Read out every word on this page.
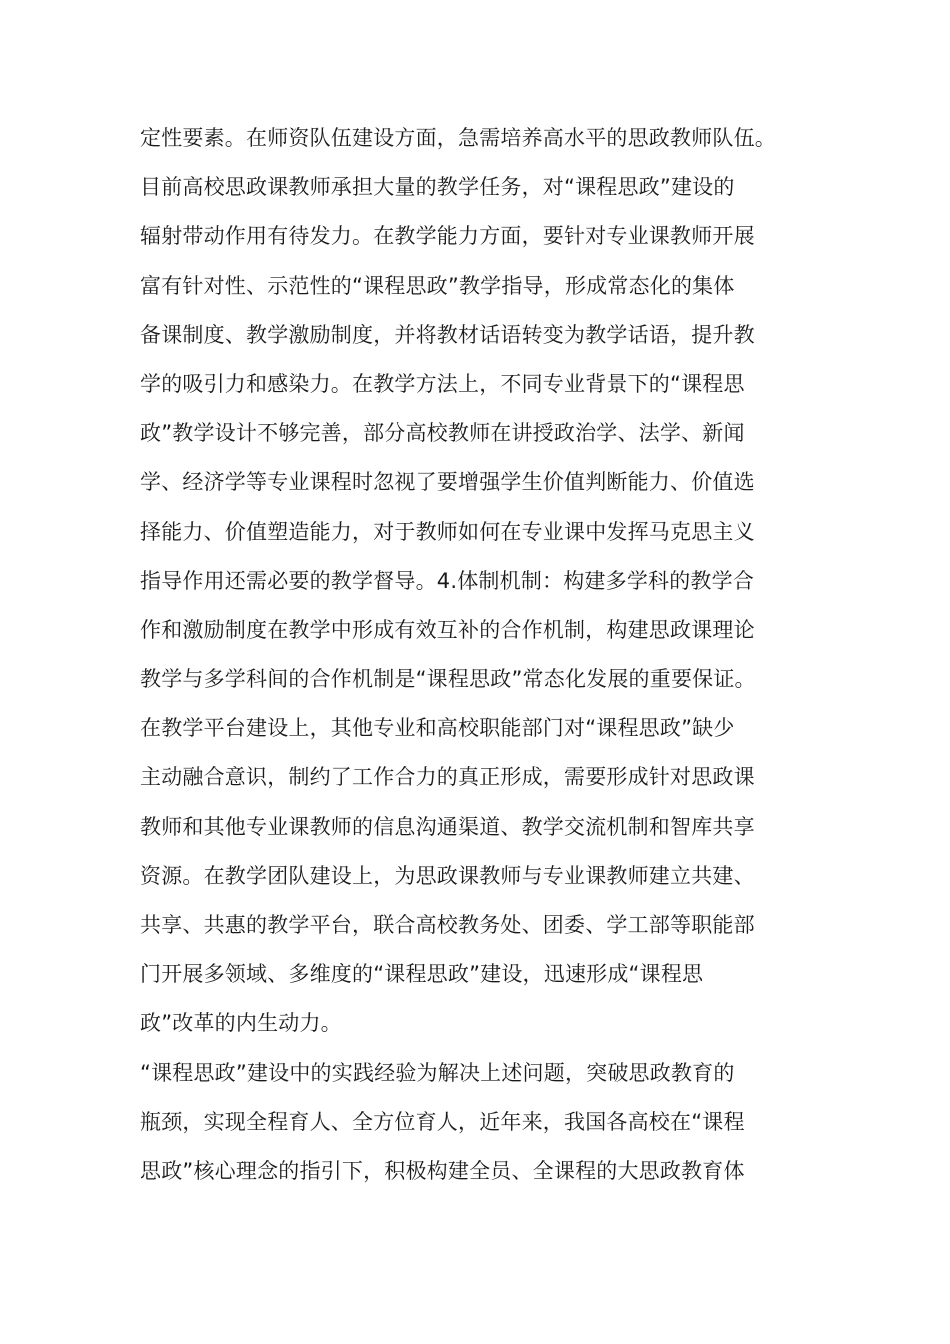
定性要素。在师资队伍建设方面，急需培养高水平的思政教师队伍。
目前高校思政课教师承担大量的教学任务，对“课程思政”建设的
辐射带动作用有待发力。在教学能力方面，要针对专业课教师开展
富有针对性、示范性的“课程思政”教学指导，形成常态化的集体
备课制度、教学激励制度，并将教材话语转变为教学话语，提升教
学的吸引力和感染力。在教学方法上，不同专业背景下的“课程思
政”教学设计不够完善，部分高校教师在讲授政治学、法学、新闻
学、经济学等专业课程时忽视了要增强学生价值判断能力、价值选
择能力、价值塑造能力，对于教师如何在专业课中发挥马克思主义
指导作用还需必要的教学督导。4.体制机制：构建多学科的教学合
作和激励制度在教学中形成有效互补的合作机制，构建思政课理论
教学与多学科间的合作机制是“课程思政”常态化发展的重要保证。
在教学平台建设上，其他专业和高校职能部门对“课程思政”缺少
主动融合意识，制约了工作合力的真正形成，需要形成针对思政课
教师和其他专业课教师的信息沟通渠道、教学交流机制和智库共享
资源。在教学团队建设上，为思政课教师与专业课教师建立共建、
共享、共惠的教学平台，联合高校教务处、团委、学工部等职能部
门开展多领域、多维度的“课程思政”建设，迅速形成“课程思
政”改革的内生动力。
“课程思政”建设中的实践经验为解决上述问题，突破思政教育的
瓶颈，实现全程育人、全方位育人，近年来，我国各高校在“课程
思政”核心理念的指引下，积极构建全员、全课程的大思政教育体
